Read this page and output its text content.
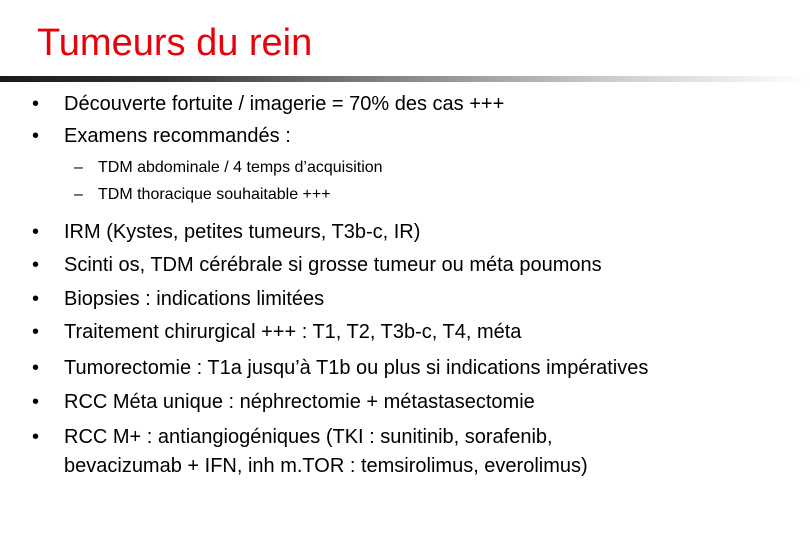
Tumeurs du rein
• Découverte fortuite / imagerie = 70% des cas +++
• Examens recommandés :
– TDM abdominale / 4 temps d’acquisition
– TDM thoracique souhaitable +++
• IRM (Kystes, petites tumeurs, T3b-c, IR)
• Scinti os, TDM cérébrale si grosse tumeur ou méta poumons
• Biopsies : indications limitées
• Traitement chirurgical +++ : T1, T2, T3b-c, T4, méta
• Tumorectomie : T1a jusqu’à T1b ou plus si indications impératives
• RCC Méta unique : néphrectomie + métastasectomie
• RCC M+ : antiangiogéniques (TKI : sunitinib, sorafenib,
bevacizumab + IFN, inh m.TOR : temsirolimus, everolimus)
